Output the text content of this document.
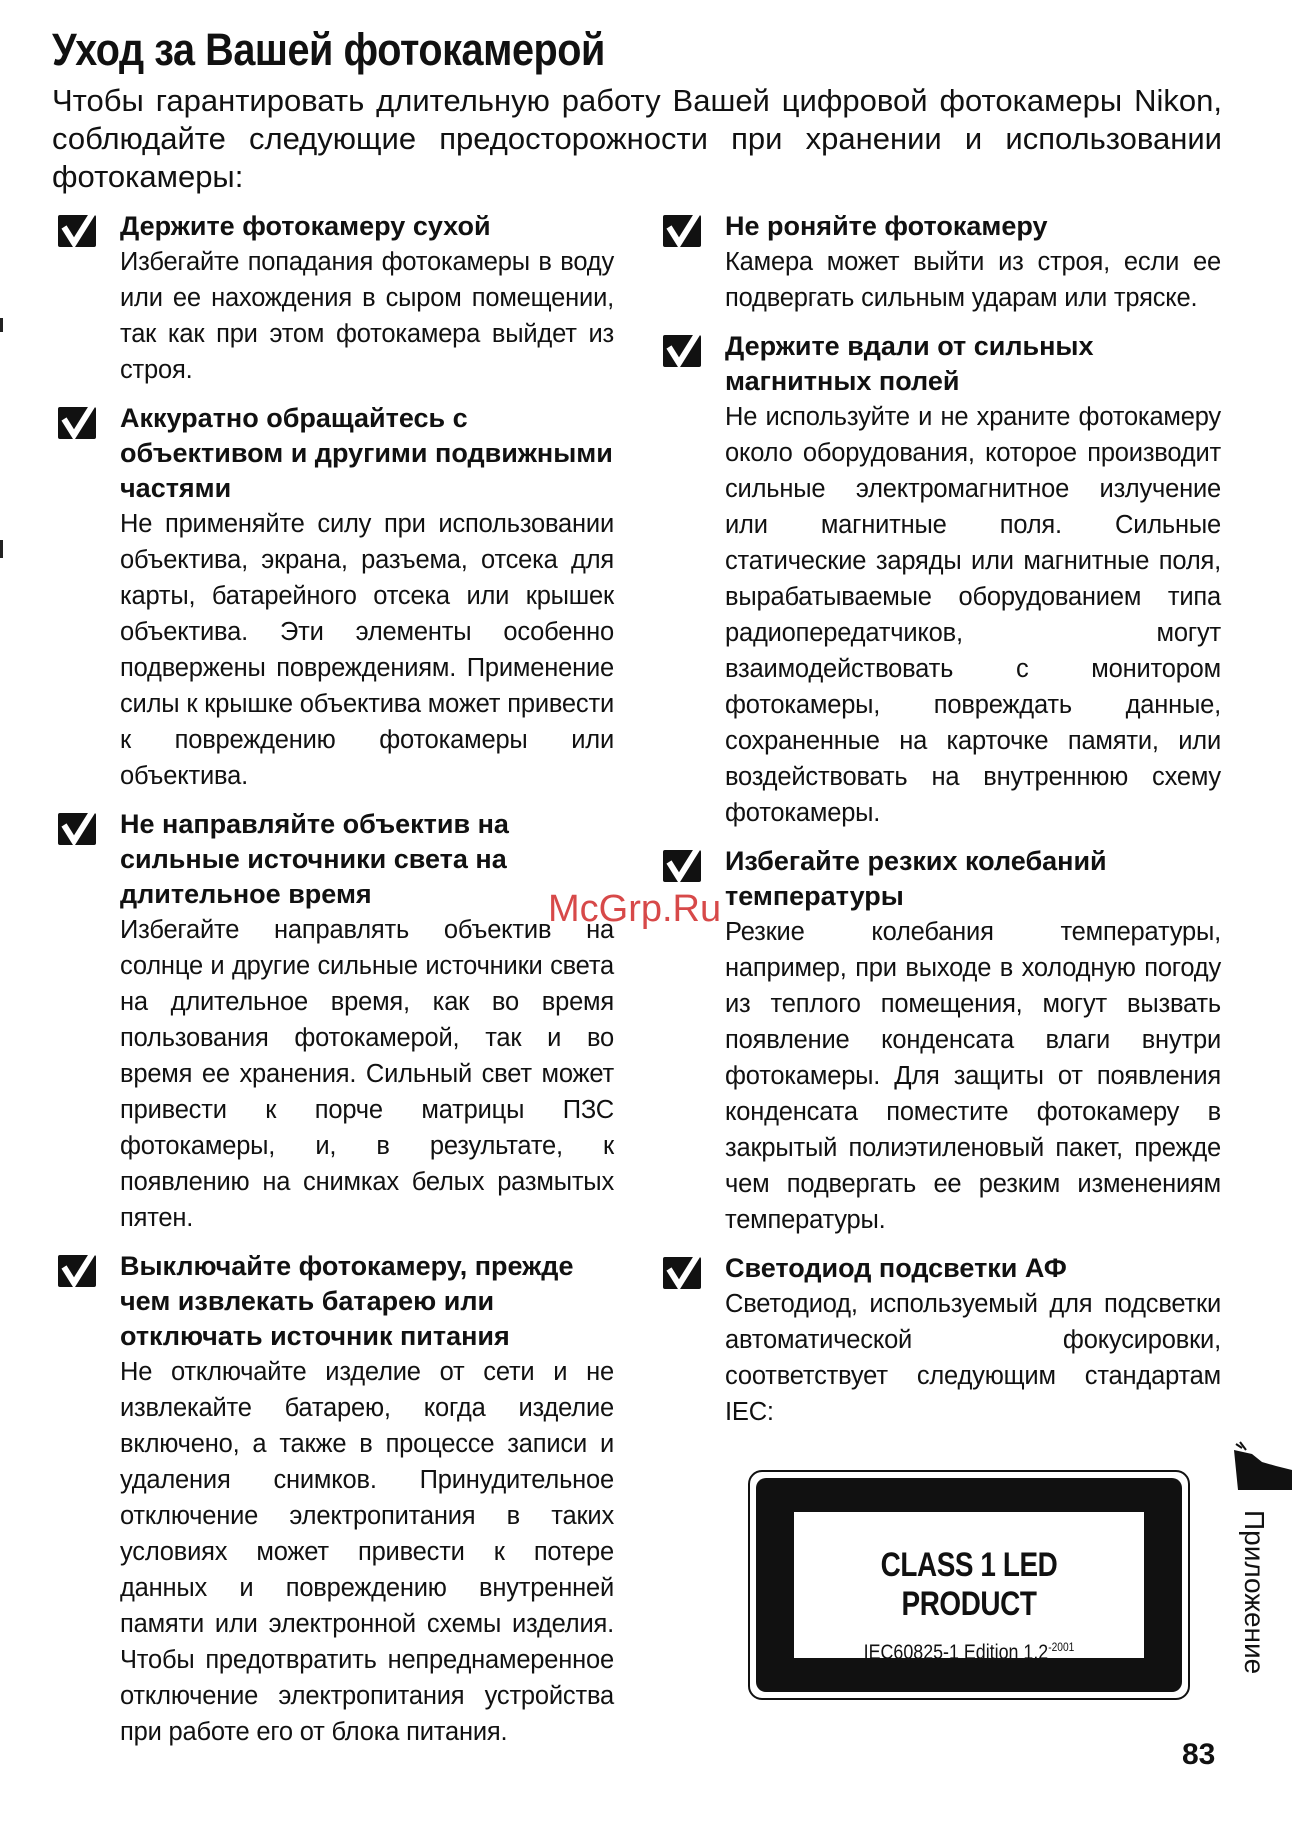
Уход за Вашей фотокамерой
Чтобы гарантировать длительную работу Вашей цифровой фотокамеры Nikon, соблюдайте следующие предосторожности при хранении и использовании фотокамеры:

Держите фотокамеру сухой

Избегайте попадания фотокамеры в воду или ее нахождения в сыром помещении, так как при этом фотокамера выйдет из строя.

Аккуратно обращайтесь с объективом и другими подвижными частями

Не применяйте силу при использовании объектива, экрана, разъема, отсека для карты, батарейного отсека или крышек объектива. Эти элементы особенно подвержены повреждениям. Применение силы к крышке объектива может привести к повреждению фотокамеры или объектива.

Не направляйте объектив на сильные источники света на длительное время

Избегайте направлять объектив на солнце и другие сильные источники света на длительное время, как во время пользования фотокамерой, так и во время ее хранения. Сильный свет может привести к порче матрицы ПЗС фотокамеры, и, в результате, к появлению на снимках белых размытых пятен.

Выключайте фотокамеру, прежде чем извлекать батарею или отключать источник питания

Не отключайте изделие от сети и не извлекайте батарею, когда изделие включено, а также в процессе записи и удаления снимков. Принудительное отключение электропитания в таких условиях может привести к потере данных и повреждению внутренней памяти или электронной схемы изделия. Чтобы предотвратить непреднамеренное отключение электропитания устройства при работе его от блока питания.

Не роняйте фотокамеру

Камера может выйти из строя, если ее подвергать сильным ударам или тряске.

Держите вдали от сильных магнитных полей

Не используйте и не храните фотокамеру около оборудования, которое производит сильные электромагнитное излучение или магнитные поля. Сильные статические заряды или магнитные поля, вырабатываемые оборудованием типа радиопередатчиков, могут взаимодействовать с монитором фотокамеры, повреждать данные, сохраненные на карточке памяти, или воздействовать на внутреннюю схему фотокамеры.

Избегайте резких колебаний температуры

Резкие колебания температуры, например, при выходе в холодную погоду из теплого помещения, могут вызвать появление конденсата влаги внутри фотокамеры. Для защиты от появления конденсата поместите фотокамеру в закрытый полиэтиленовый пакет, прежде чем подвергать ее резким изменениям температуры.

Светодиод подсветки АФ

Светодиод, используемый для подсветки автоматической фокусировки, соответствует следующим стандартам IEC:

CLASS 1 LED PRODUCT
IEC60825-1 Edition $1.2^{-2001}$	Приложение
83
McGrp.Ru
